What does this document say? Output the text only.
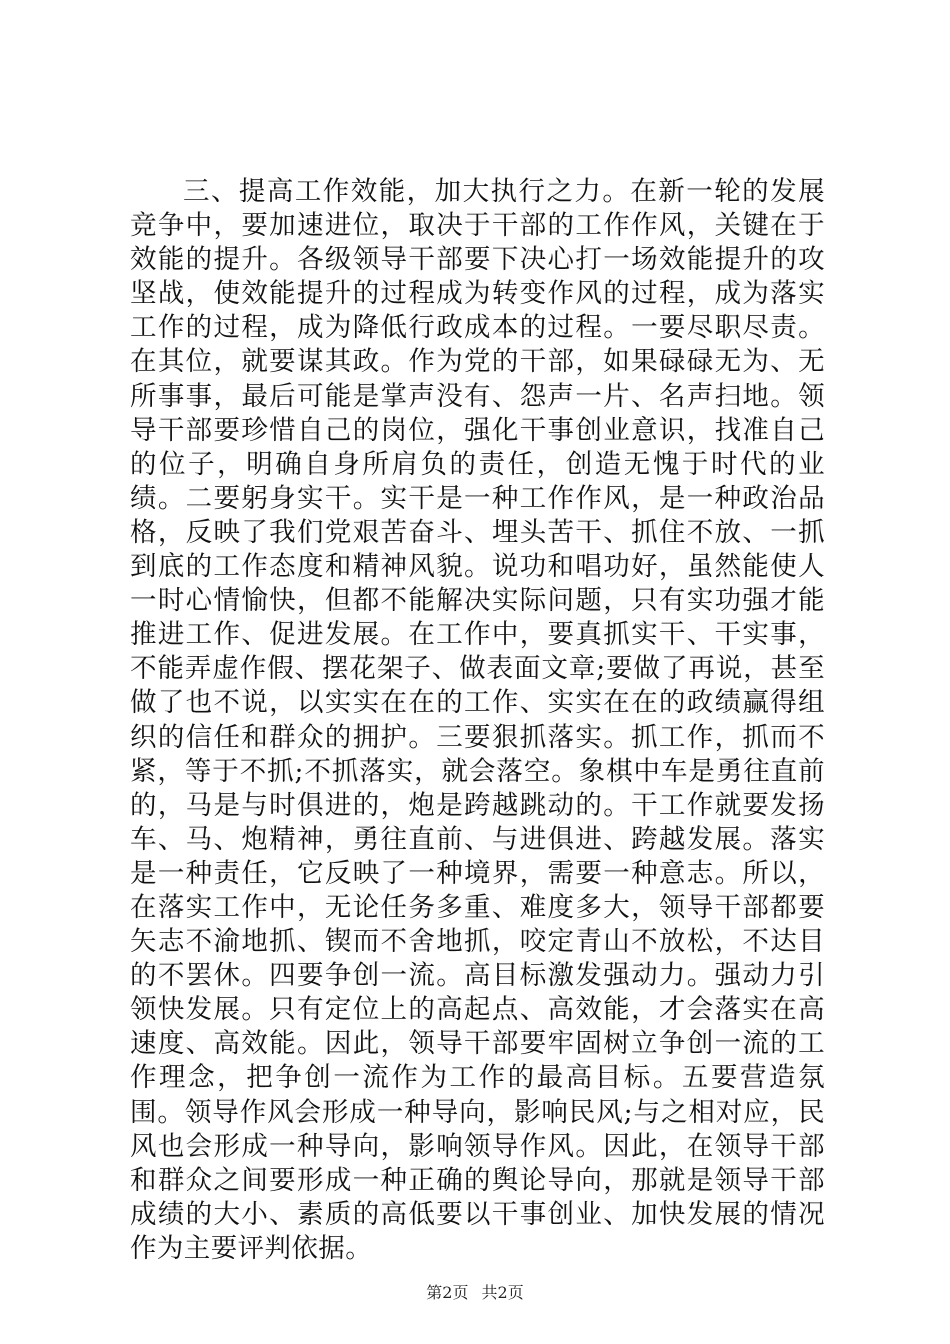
三、提高工作效能，加大执行之力。在新一轮的发展竞争中，要加速进位，取决于干部的工作作风，关键在于效能的提升。各级领导干部要下决心打一场效能提升的攻坚战，使效能提升的过程成为转变作风的过程，成为落实工作的过程，成为降低行政成本的过程。一要尽职尽责。在其位，就要谋其政。作为党的干部，如果碌碌无为、无所事事，最后可能是掌声没有、怨声一片、名声扫地。领导干部要珍惜自己的岗位，强化干事创业意识，找准自己的位子，明确自身所肩负的责任，创造无愧于时代的业绩。二要躬身实干。实干是一种工作作风，是一种政治品格，反映了我们党艰苦奋斗、埋头苦干、抓住不放、一抓到底的工作态度和精神风貌。说功和唱功好，虽然能使人一时心情愉快，但都不能解决实际问题，只有实功强才能推进工作、促进发展。在工作中，要真抓实干、干实事，不能弄虚作假、摆花架子、做表面文章;要做了再说，甚至做了也不说，以实实在在的工作、实实在在的政绩赢得组织的信任和群众的拥护。三要狠抓落实。抓工作，抓而不紧，等于不抓;不抓落实，就会落空。象棋中车是勇往直前的，马是与时俱进的，炮是跨越跳动的。干工作就要发扬车、马、炮精神，勇往直前、与进俱进、跨越发展。落实是一种责任，它反映了一种境界，需要一种意志。所以，在落实工作中，无论任务多重、难度多大，领导干部都要矢志不渝地抓、锲而不舍地抓，咬定青山不放松，不达目的不罢休。四要争创一流。高目标激发强动力。强动力引领快发展。只有定位上的高起点、高效能，才会落实在高速度、高效能。因此，领导干部要牢固树立争创一流的工作理念，把争创一流作为工作的最高目标。五要营造氛围。领导作风会形成一种导向，影响民风;与之相对应，民风也会形成一种导向，影响领导作风。因此，在领导干部和群众之间要形成一种正确的舆论导向，那就是领导干部成绩的大小、素质的高低要以干事创业、加快发展的情况作为主要评判依据。

第2页 共2页
